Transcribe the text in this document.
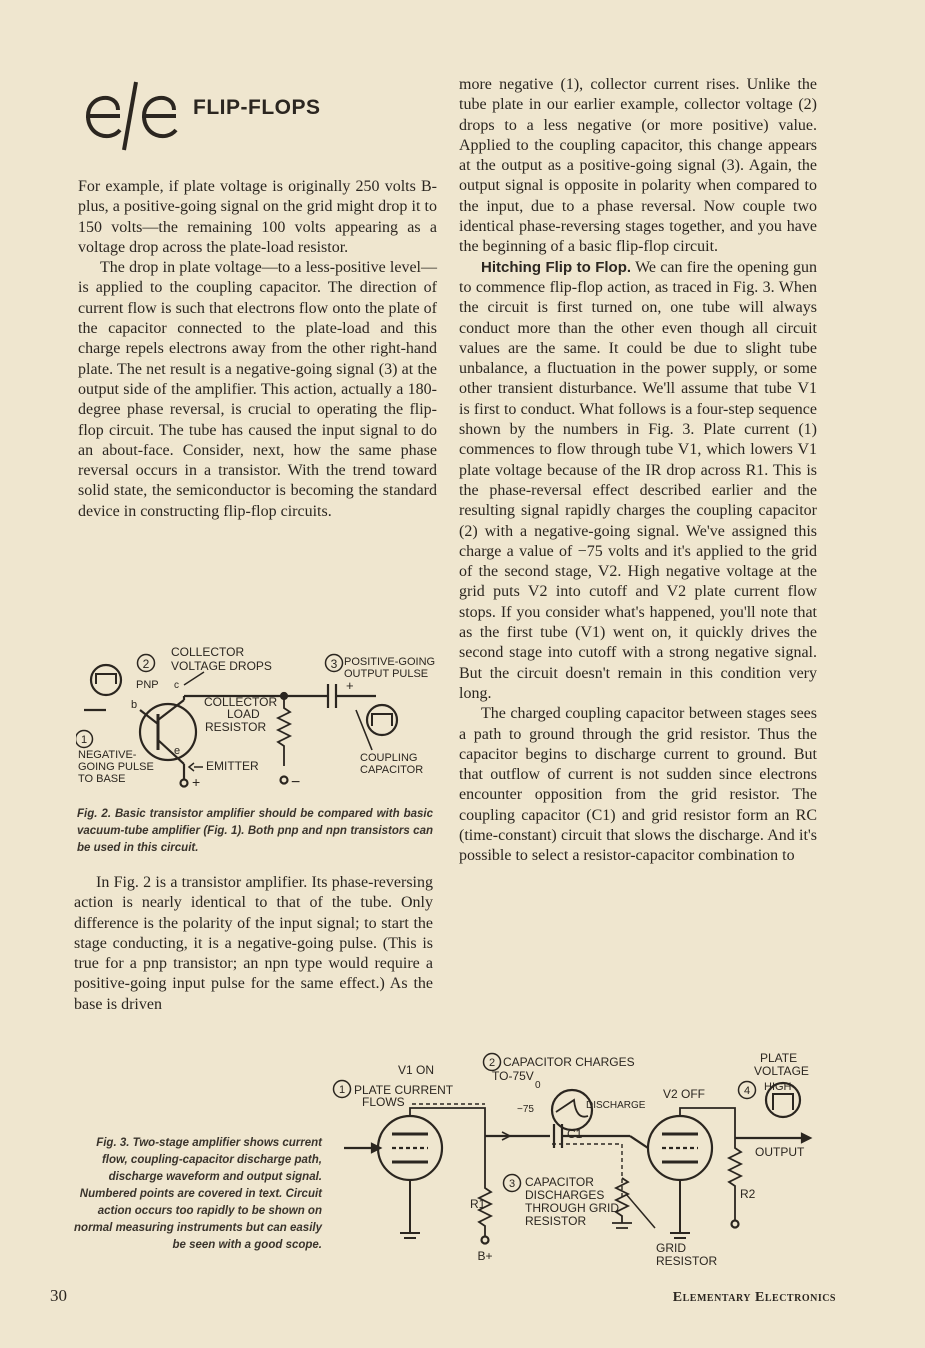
FLIP-FLOPS

For example, if plate voltage is originally 250 volts B-plus, a positive-going signal on the grid might drop it to 150 volts—the remaining 100 volts appearing as a voltage drop across the plate-load resistor.

The drop in plate voltage—to a less-positive level—is applied to the coupling capacitor. The direction of current flow is such that electrons flow onto the plate of the capacitor connected to the plate-load and this charge repels electrons away from the other right-hand plate. The net result is a negative-going signal (3) at the output side of the amplifier. This action, actually a 180-degree phase reversal, is crucial to operating the flip-flop circuit. The tube has caused the input signal to do an about-face. Consider, next, how the same phase reversal occurs in a transistor. With the trend toward solid state, the semiconductor is becoming the standard device in constructing flip-flop circuits.

2
COLLECTOR
VOLTAGE DROPS	3 POSITIVE-GOING
OUTPUT PULSE
PNP c
b
e
COLLECTOR
LOAD
RESISTOR
1
NEGATIVE-
GOING PULSE
TO BASE
EMITTER
COUPLING
CAPACITOR
+	−
+
Fig. 2. Basic transistor amplifier should be compared with basic vacuum-tube amplifier (Fig. 1). Both pnp and npn transistors can be used in this circuit.

In Fig. 2 is a transistor amplifier. Its phase-reversing action is nearly identical to that of the tube. Only difference is the polarity of the input signal; to start the stage conducting, it is a negative-going pulse. (This is true for a pnp transistor; an npn type would require a positive-going input pulse for the same effect.) As the base is driven

more negative (1), collector current rises. Unlike the tube plate in our earlier example, collector voltage (2) drops to a less negative (or more positive) value. Applied to the coupling capacitor, this change appears at the output as a positive-going signal (3). Again, the output signal is opposite in polarity when compared to the input, due to a phase reversal. Now couple two identical phase-reversing stages together, and you have the beginning of a basic flip-flop circuit.

Hitching Flip to Flop. We can fire the opening gun to commence flip-flop action, as traced in Fig. 3. When the circuit is first turned on, one tube will always conduct more than the other even though all circuit values are the same. It could be due to slight tube unbalance, a fluctuation in the power supply, or some other transient disturbance. We'll assume that tube V1 is first to conduct. What follows is a four-step sequence shown by the numbers in Fig. 3. Plate current (1) commences to flow through tube V1, which lowers V1 plate voltage because of the IR drop across R1. This is the phase-reversal effect described earlier and the resulting signal rapidly charges the coupling capacitor (2) with a negative-going signal. We've assigned this charge a value of −75 volts and it's applied to the grid of the second stage, V2. High negative voltage at the grid puts V2 into cutoff and V2 plate current flow stops. If you consider what's happened, you'll note that as the first tube (V1) went on, it quickly drives the second stage into cutoff with a strong negative signal. But the circuit doesn't remain in this condition very long.

The charged coupling capacitor between stages sees a path to ground through the grid resistor. Thus the capacitor begins to discharge current to ground. But that outflow of current is not sudden since electrons encounter opposition from the grid resistor. The coupling capacitor (C1) and grid resistor form an RC (time-constant) circuit that slows the discharge. And it's possible to select a resistor-capacitor combination to

V1 ON
1 PLATE CURRENT
FLOWS
2 CAPACITOR CHARGES
TO-75V
0
−75	DISCHARGE
V2 OFF	4
PLATE
VOLTAGE
HIGH
C1
OUTPUT
3 CAPACITOR
DISCHARGES
THROUGH GRID
RESISTOR
R1
R2
B+
GRID
RESISTOR
Fig. 3. Two-stage amplifier shows current flow, coupling-capacitor discharge path, discharge waveform and output signal. Numbered points are covered in text. Circuit action occurs too rapidly to be shown on normal measuring instruments but can easily be seen with a good scope.
30	Elementary Electronics
